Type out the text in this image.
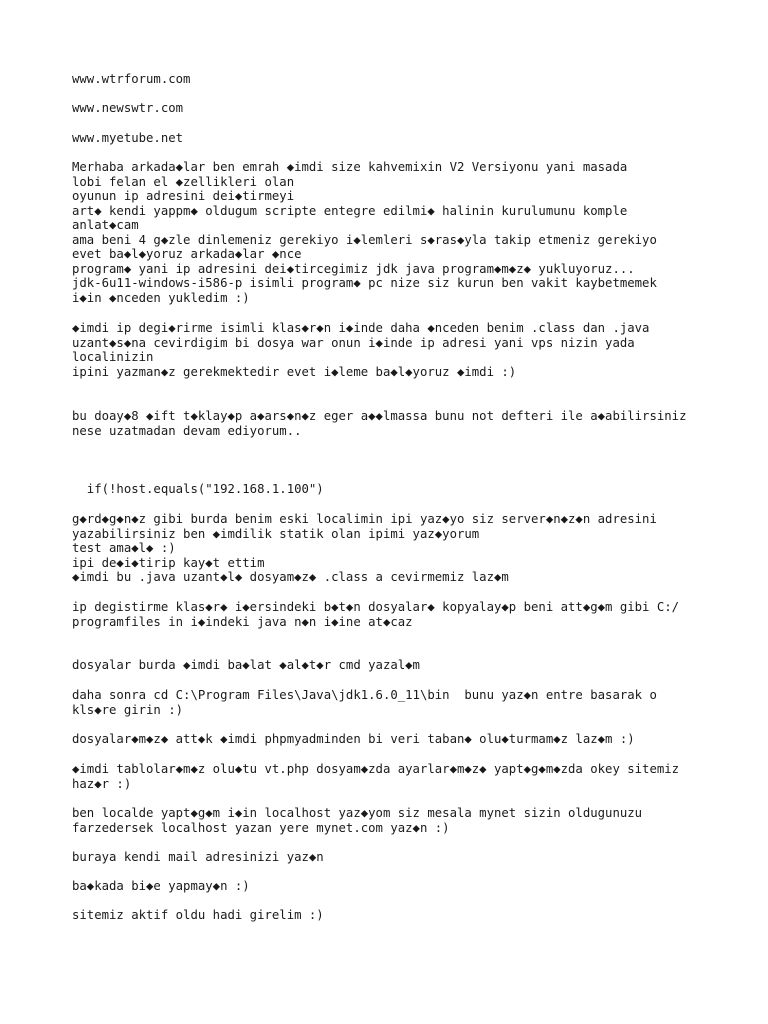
www.wtrforum.com
www.newswtr.com
www.myetube.net
Merhaba arkada◆lar ben emrah ◆imdi size kahvemixin V2 Versiyonu yani masada
lobi felan el ◆zellikleri olan
oyunun ip adresini dei◆tirmeyi
art◆ kendi yappm◆ oldugum scripte entegre edilmi◆ halinin kurulumunu komple
anlat◆cam
ama beni 4 g◆zle dinlemeniz gerekiyo i◆lemleri s◆ras◆yla takip etmeniz gerekiyo
evet ba◆l◆yoruz arkada◆lar ◆nce
program◆ yani ip adresini dei◆tircegimiz jdk java program◆m◆z◆ yukluyoruz...
jdk-6u11-windows-i586-p isimli program◆ pc nize siz kurun ben vakit kaybetmemek
i◆in ◆nceden yukledim :)
◆imdi ip degi◆rirme isimli klas◆r◆n i◆inde daha ◆nceden benim .class dan .java
uzant◆s◆na cevirdigim bi dosya war onun i◆inde ip adresi yani vps nizin yada
localinizin
ipini yazman◆z gerekmektedir evet i◆leme ba◆l◆yoruz ◆imdi :)
bu doay◆8 ◆ift t◆klay◆p a◆ars◆n◆z eger a◆◆lmassa bunu not defteri ile a◆abilirsiniz
nese uzatmadan devam ediyorum..
if(!host.equals("192.168.1.100")
g◆rd◆g◆n◆z gibi burda benim eski localimin ipi yaz◆yo siz server◆n◆z◆n adresini
yazabilirsiniz ben ◆imdilik statik olan ipimi yaz◆yorum
test ama◆l◆ :)
ipi de◆i◆tirip kay◆t ettim
◆imdi bu .java uzant◆l◆ dosyam◆z◆ .class a cevirmemiz laz◆m
ip degistirme klas◆r◆ i◆ersindeki b◆t◆n dosyalar◆ kopyalay◆p beni att◆g◆m gibi C:/
programfiles in i◆indeki java n◆n i◆ine at◆caz
dosyalar burda ◆imdi ba◆lat ◆al◆t◆r cmd yazal◆m
daha sonra cd C:\Program Files\Java\jdk1.6.0_11\bin  bunu yaz◆n entre basarak o
kls◆re girin :)
dosyalar◆m◆z◆ att◆k ◆imdi phpmyadminden bi veri taban◆ olu◆turmam◆z laz◆m :)
◆imdi tablolar◆m◆z olu◆tu vt.php dosyam◆zda ayarlar◆m◆z◆ yapt◆g◆m◆zda okey sitemiz
haz◆r :)
ben localde yapt◆g◆m i◆in localhost yaz◆yom siz mesala mynet sizin oldugunuzu
farzedersek localhost yazan yere mynet.com yaz◆n :)
buraya kendi mail adresinizi yaz◆n
ba◆kada bi◆e yapmay◆n :)
sitemiz aktif oldu hadi girelim :)
